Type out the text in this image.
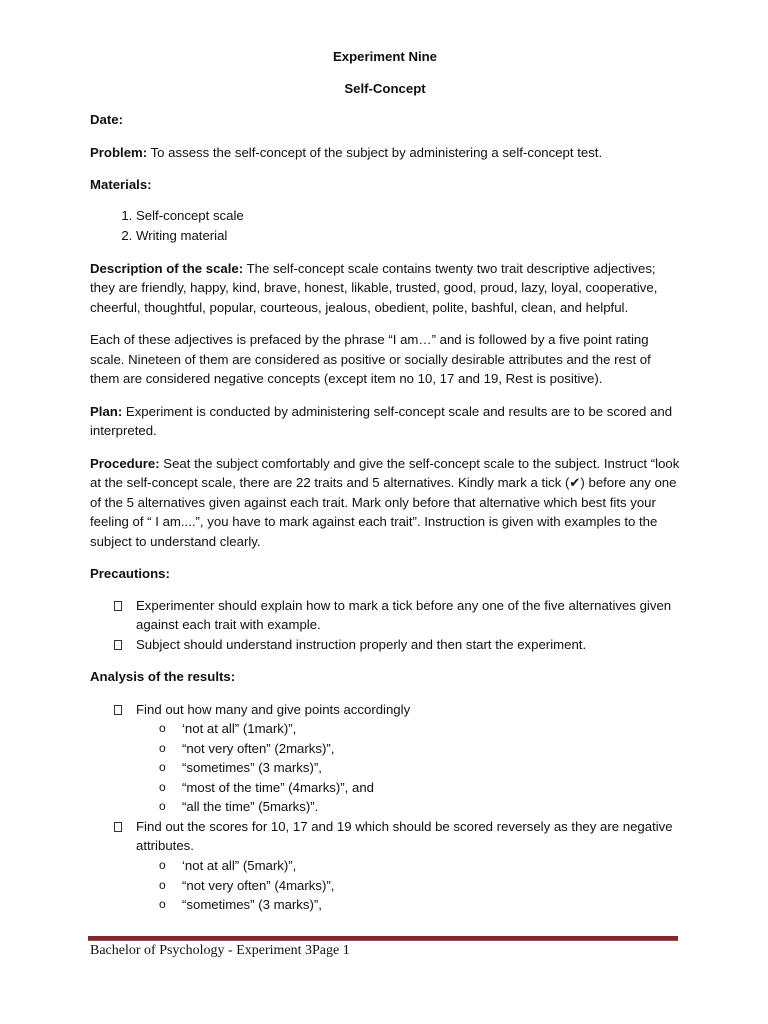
Experiment Nine

Self-Concept

Date:

Problem: To assess the self-concept of the subject by administering a self-concept test.

Materials:

1. Self-concept scale
2. Writing material

Description of the scale: The self-concept scale contains twenty two trait descriptive adjectives; they are friendly, happy, kind, brave, honest, likable, trusted, good, proud, lazy, loyal, cooperative, cheerful, thoughtful, popular, courteous, jealous, obedient, polite, bashful, clean, and helpful.

Each of these adjectives is prefaced by the phrase “I am…” and is followed by a five point rating scale. Nineteen of them are considered as positive or socially desirable attributes and the rest of them are considered negative concepts (except item no 10, 17 and 19, Rest is positive).

Plan: Experiment is conducted by administering self-concept scale and results are to be scored and interpreted.

Procedure: Seat the subject comfortably and give the self-concept scale to the subject. Instruct “look at the self-concept scale, there are 22 traits and 5 alternatives. Kindly mark a tick (✔) before any one of the 5 alternatives given against each trait. Mark only before that alternative which best fits your feeling of “ I am....”, you have to mark against each trait”. Instruction is given with examples to the subject to understand clearly.

Precautions:

Experimenter should explain how to mark a tick before any one of the five alternatives given against each trait with example.
Subject should understand instruction properly and then start the experiment.

Analysis of the results:

Find out how many and give points accordingly
o ‘not at all” (1mark)”,
o “not very often” (2marks)”,
o “sometimes” (3 marks)”,
o “most of the time” (4marks)”, and
o “all the time” (5marks)”.
Find out the scores for 10, 17 and 19 which should be scored reversely as they are negative attributes.
o ‘not at all” (5mark)”,
o “not very often” (4marks)”,
o “sometimes” (3 marks)”,
Bachelor of Psychology - Experiment 3Page 1
